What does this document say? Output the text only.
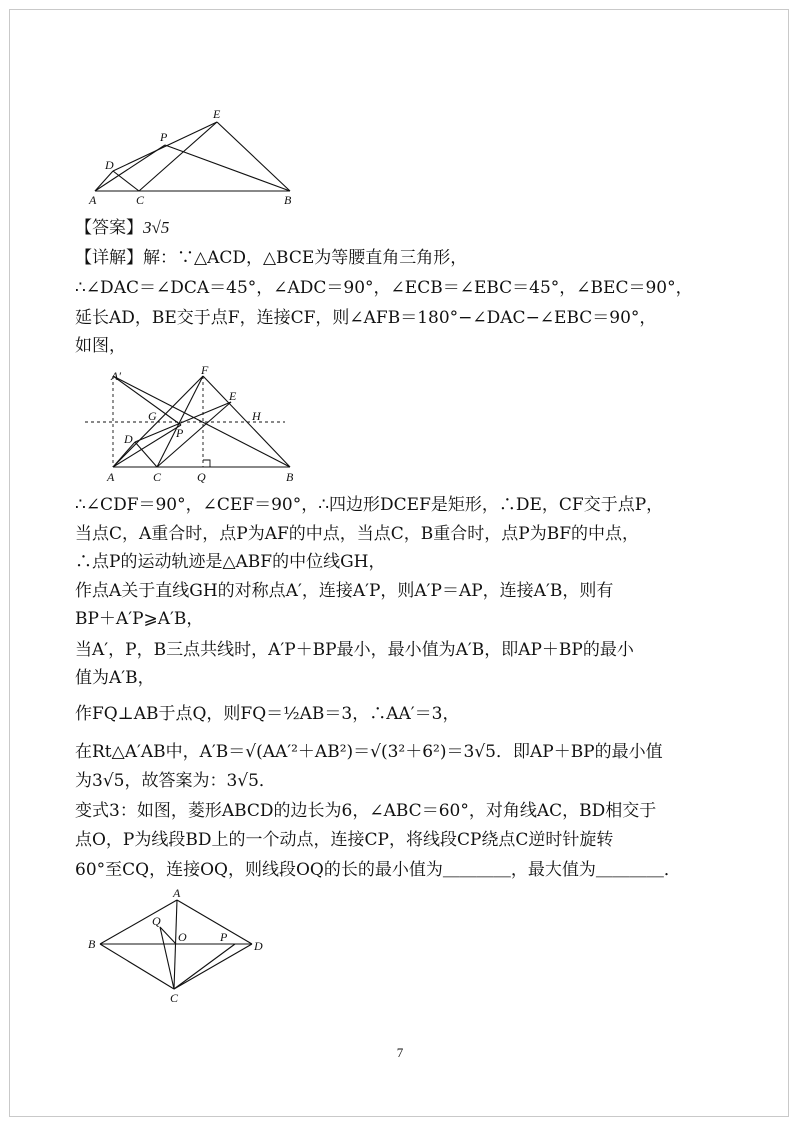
A	C	B
D
P
E
【答案】3√5
【详解】解：∵△ACD，△BCE为等腰直角三角形，
∴∠DAC＝∠DCA＝45°，∠ADC＝90°，∠ECB＝∠EBC＝45°，∠BEC＝90°，
延长AD，BE交于点F，连接CF，则∠AFB＝180°−∠DAC−∠EBC＝90°，
如图，
A′	F
E
G	H
P
D
A	C	Q	B
∴∠CDF＝90°，∠CEF＝90°，∴四边形DCEF是矩形，∴DE，CF交于点P，
当点C，A重合时，点P为AF的中点，当点C，B重合时，点P为BF的中点，
∴点P的运动轨迹是△ABF的中位线GH，
作点A关于直线GH的对称点A′，连接A′P，则A′P＝AP，连接A′B，则有
BP＋A′P⩾A′B，
当A′，P，B三点共线时，A′P＋BP最小，最小值为A′B，即AP＋BP的最小
值为A′B，
作FQ⊥AB于点Q，则FQ＝½AB＝3，∴AA′＝3，
在Rt△A′AB中，A′B＝√(AA′²＋AB²)＝√(3²＋6²)＝3√5．即AP＋BP的最小值
为3√5，故答案为：3√5．
变式3：如图，菱形ABCD的边长为6，∠ABC＝60°，对角线AC，BD相交于
点O，P为线段BD上的一个动点，连接CP，将线段CP绕点C逆时针旋转
60°至CQ，连接OQ，则线段OQ的长的最小值为＿＿＿＿，最大值为＿＿＿＿．
A
B	D
C
O
Q
P
7
